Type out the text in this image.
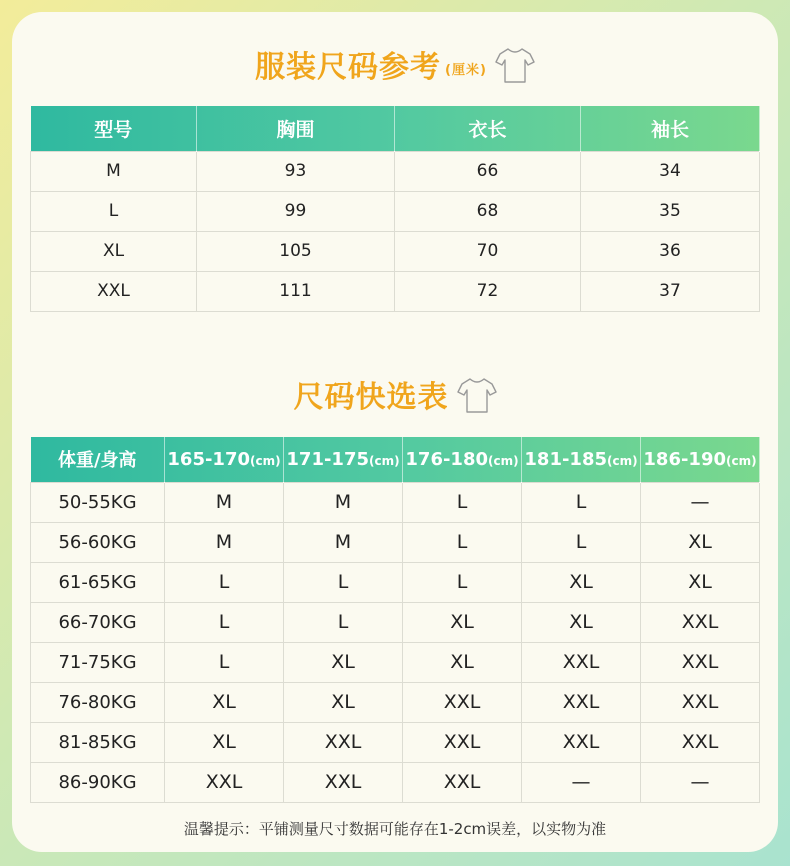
服装尺码参考 (厘米)
型号	胸围	衣长	袖长
M	93	66	34
L	99	68	35
XL	105	70	36
XXL	111	72	37
尺码快选表
体重/身高	165-170(cm)	171-175(cm)	176-180(cm)	181-185(cm)	186-190(cm)
50-55KG	M	M	L	L	—
56-60KG	M	M	L	L	XL
61-65KG	L	L	L	XL	XL
66-70KG	L	L	XL	XL	XXL
71-75KG	L	XL	XL	XXL	XXL
76-80KG	XL	XL	XXL	XXL	XXL
81-85KG	XL	XXL	XXL	XXL	XXL
86-90KG	XXL	XXL	XXL	—	—
温馨提示：平铺测量尺寸数据可能存在1-2cm误差，以实物为准
